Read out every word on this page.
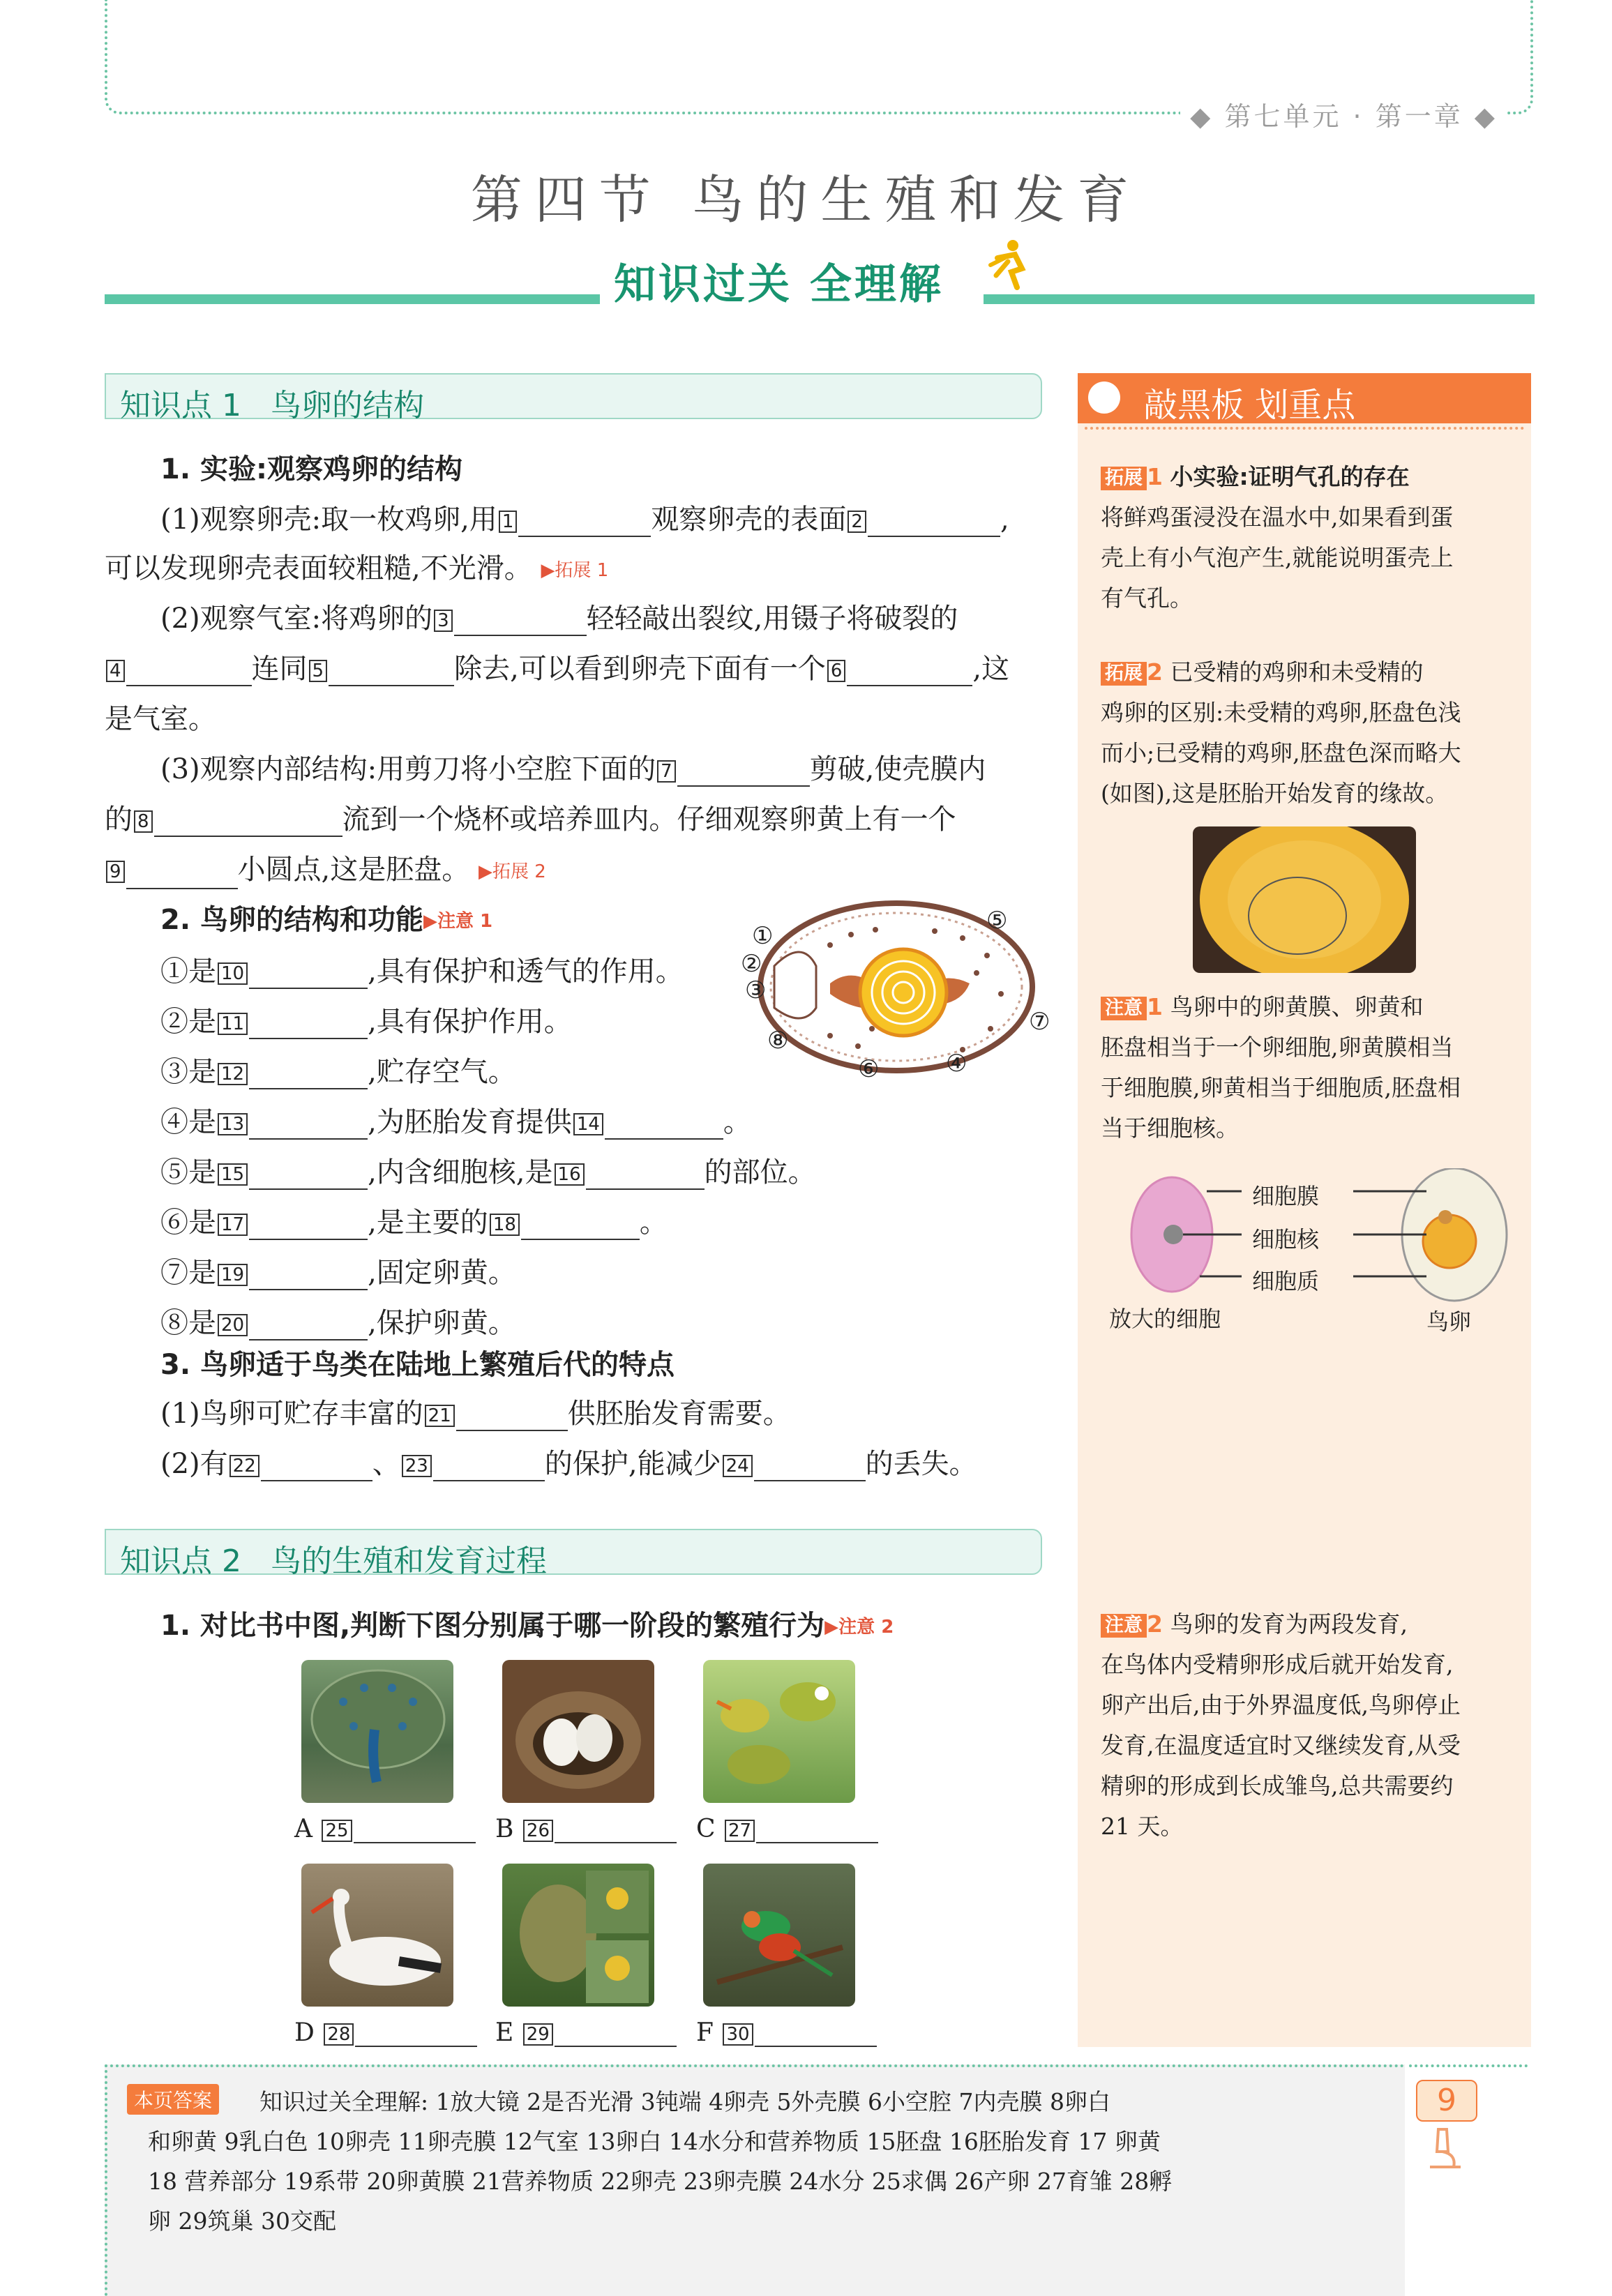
◆ 第七单元 · 第一章 ◆
第四节 鸟的生殖和发育
知识过关 全理解
知识点 1   鸟卵的结构
1. 实验:观察鸡卵的结构
(1)观察卵壳:取一枚鸡卵,用 1	观察卵壳的表面 2	,
可以发现卵壳表面较粗糙,不光滑。 ▶拓展 1
(2)观察气室:将鸡卵的 3	轻轻敲出裂纹,用镊子将破裂的
4	连同 5	除去,可以看到卵壳下面有一个 6	,这
是气室。
(3)观察内部结构:用剪刀将小空腔下面的 7	剪破,使壳膜内
的 8	流到一个烧杯或培养皿内。仔细观察卵黄上有一个
9	小圆点,这是胚盘。 ▶拓展 2
2. 鸟卵的结构和功能▶注意 1
①是 10	,具有保护和透气的作用。
②是 11	,具有保护作用。
③是 12	,贮存空气。
④是 13	,为胚胎发育提供 14	。
⑤是 15	,内含细胞核,是 16	的部位。
⑥是 17	,是主要的 18	。
⑦是 19	,固定卵黄。
⑧是 20	,保护卵黄。
①
②
③
④
⑤
⑥
⑦
⑧
3. 鸟卵适于鸟类在陆地上繁殖后代的特点
(1)鸟卵可贮存丰富的 21	供胚胎发育需要。
(2)有 22	、 23	的保护,能减少 24	的丢失。
知识点 2   鸟的生殖和发育过程
1. 对比书中图,判断下图分别属于哪一阶段的繁殖行为▶注意 2
A 25	B 26	C 27
D 28	E 29	F 30
敲黑板 划重点
拓展 1 小实验:证明气孔的存在
将鲜鸡蛋浸没在温水中,如果看到蛋
壳上有小气泡产生,就能说明蛋壳上
有气孔。
拓展 2 已受精的鸡卵和未受精的
鸡卵的区别:未受精的鸡卵,胚盘色浅
而小;已受精的鸡卵,胚盘色深而略大
(如图),这是胚胎开始发育的缘故。
注意 1 鸟卵中的卵黄膜、卵黄和
胚盘相当于一个卵细胞,卵黄膜相当
于细胞膜,卵黄相当于细胞质,胚盘相
当于细胞核。
细胞膜
细胞核
细胞质
放大的细胞	鸟卵
注意 2 鸟卵的发育为两段发育,
在鸟体内受精卵形成后就开始发育,
卵产出后,由于外界温度低,鸟卵停止
发育,在温度适宜时又继续发育,从受
精卵的形成到长成雏鸟,总共需要约
21 天。
本页答案	知识过关全理解: 1放大镜 2是否光滑 3钝端 4卵壳 5外壳膜 6小空腔 7内壳膜 8卵白
和卵黄 9乳白色 10卵壳 11卵壳膜 12气室 13卵白 14水分和营养物质 15胚盘 16胚胎发育 17 卵黄
18 营养部分 19系带 20卵黄膜 21营养物质 22卵壳 23卵壳膜 24水分 25求偶 26产卵 27育雏 28孵
卵 29筑巢 30交配
9
